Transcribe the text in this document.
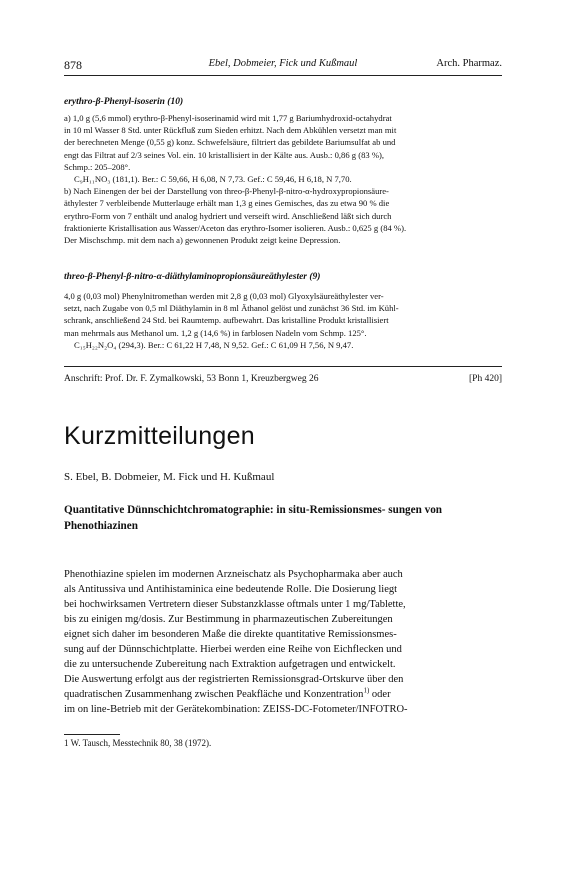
878	Ebel, Dobmeier, Fick und Kußmaul	Arch. Pharmaz.
erythro-β-Phenyl-isoserin (10)
a) 1,0 g (5,6 mmol) erythro-β-Phenyl-isoserinamid wird mit 1,77 g Bariumhydroxid-octahydrat
in 10 ml Wasser 8 Std. unter Rückfluß zum Sieden erhitzt. Nach dem Abkühlen versetzt man mit
der berechneten Menge (0,55 g) konz. Schwefelsäure, filtriert das gebildete Bariumsulfat ab und
engt das Filtrat auf 2/3 seines Vol. ein. 10 kristallisiert in der Kälte aus. Ausb.: 0,86 g (83 %),
Schmp.: 205–208°.
C₉H₁₁NO₃ (181,1). Ber.: C 59,66, H 6,08, N 7,73. Gef.: C 59,46, H 6,18, N 7,70.
b) Nach Einengen der bei der Darstellung von threo-β-Phenyl-β-nitro-α-hydroxypropionsäure-
äthylester 7 verbleibende Mutterlauge erhält man 1,3 g eines Gemisches, das zu etwa 90 % die
erythro-Form von 7 enthält und analog hydriert und verseift wird. Anschließend läßt sich durch
fraktionierte Kristallisation aus Wasser/Aceton das erythro-Isomer isolieren. Ausb.: 0,625 g (84 %).
Der Mischschmp. mit dem nach a) gewonnenen Produkt zeigt keine Depression.
threo-β-Phenyl-β-nitro-α-diäthylaminopropionsäureäthylester (9)
4,0 g (0,03 mol) Phenylnitromethan werden mit 2,8 g (0,03 mol) Glyoxylsäureäthylester ver-
setzt, nach Zugabe von 0,5 ml Diäthylamin in 8 ml Äthanol gelöst und zunächst 36 Std. im Kühl-
schrank, anschließend 24 Std. bei Raumtemp. aufbewahrt. Das kristalline Produkt kristallisiert
man mehrmals aus Methanol um. 1,2 g (14,6 %) in farblosen Nadeln vom Schmp. 125°.
C₁₅H₂₂N₂O₄ (294,3). Ber.: C 61,22 H 7,48, N 9,52. Gef.: C 61,09 H 7,56, N 9,47.
Anschrift: Prof. Dr. F. Zymalkowski, 53 Bonn 1, Kreuzbergweg 26	[Ph 420]
Kurzmitteilungen
S. Ebel, B. Dobmeier, M. Fick und H. Kußmaul
Quantitative Dünnschichtchromatographie: in situ-Remissionsmes- sungen von Phenothiazinen
Phenothiazine spielen im modernen Arzneischatz als Psychopharmaka aber auch
als Antitussiva und Antihistaminica eine bedeutende Rolle. Die Dosierung liegt
bei hochwirksamen Vertretern dieser Substanzklasse oftmals unter 1 mg/Tablette,
bis zu einigen mg/dosis. Zur Bestimmung in pharmazeutischen Zubereitungen
eignet sich daher im besonderen Maße die direkte quantitative Remissionsmes-
sung auf der Dünnschichtplatte. Hierbei werden eine Reihe von Eichflecken und
die zu untersuchende Zubereitung nach Extraktion aufgetragen und entwickelt.
Die Auswertung erfolgt aus der registrierten Remissionsgrad-Ortskurve über den
quadratischen Zusammenhang zwischen Peakfläche und Konzentration$^{1)}$ oder
im on line-Betrieb mit der Gerätekombination: ZEISS-DC-Fotometer/INFOTRO-
1 W. Tausch, Messtechnik 80, 38 (1972).
